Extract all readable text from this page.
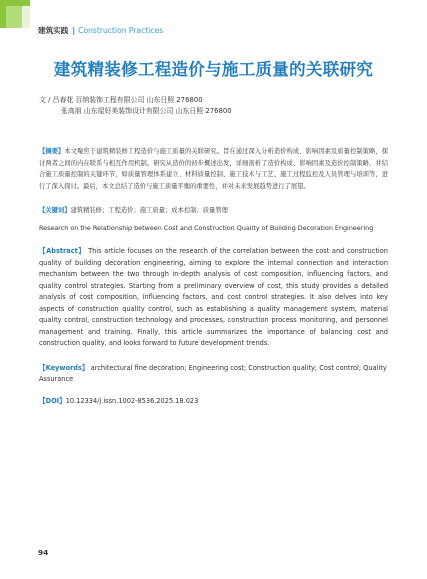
建筑实践 | Construction Practices
建筑精装修工程造价与施工质量的关联研究
文 / 吕春花 百纳装饰工程有限公司 山东日照 276800
张高朋 山东屋好美装饰设计有限公司 山东日照 276800
【摘要】本文聚焦于建筑精装修工程造价与施工质量的关联研究。旨在通过深入分析造价构成、影响因素及质量控制策略，探讨两者之间的内在联系与相互作用机制。研究从造价的初步概述出发，详细剖析了造价构成、影响因素及造价控制策略，并结合施工质量控制的关键环节，如质量管理体系建立、材料质量控制、施工技术与工艺、施工过程监控及人员管理与培训等，进行了深入探讨。最后，本文总结了造价与施工质量平衡的重要性，并对未来发展趋势进行了展望。
【关键词】建筑精装修；工程造价；施工质量；成本控制；质量管理
Research on the Relationship between Cost and Construction Quality of Building Decoration Engineering
【Abstract】 This article focuses on the research of the correlation between the cost and construction quality of building decoration engineering, aiming to explore the internal connection and interaction mechanism between the two through in-depth analysis of cost composition, influencing factors, and quality control strategies. Starting from a preliminary overview of cost, this study provides a detailed analysis of cost composition, influencing factors, and cost control strategies. It also delves into key aspects of construction quality control, such as establishing a quality management system, material quality control, construction technology and processes, construction process monitoring, and personnel management and training. Finally, this article summarizes the importance of balancing cost and construction quality, and looks forward to future development trends.
【Keywords】 architectural fine decoration; Engineering cost; Construction quality; Cost control; Quality Assurance
【DOI】10.12334/j.issn.1002-8536.2025.18.023
94
